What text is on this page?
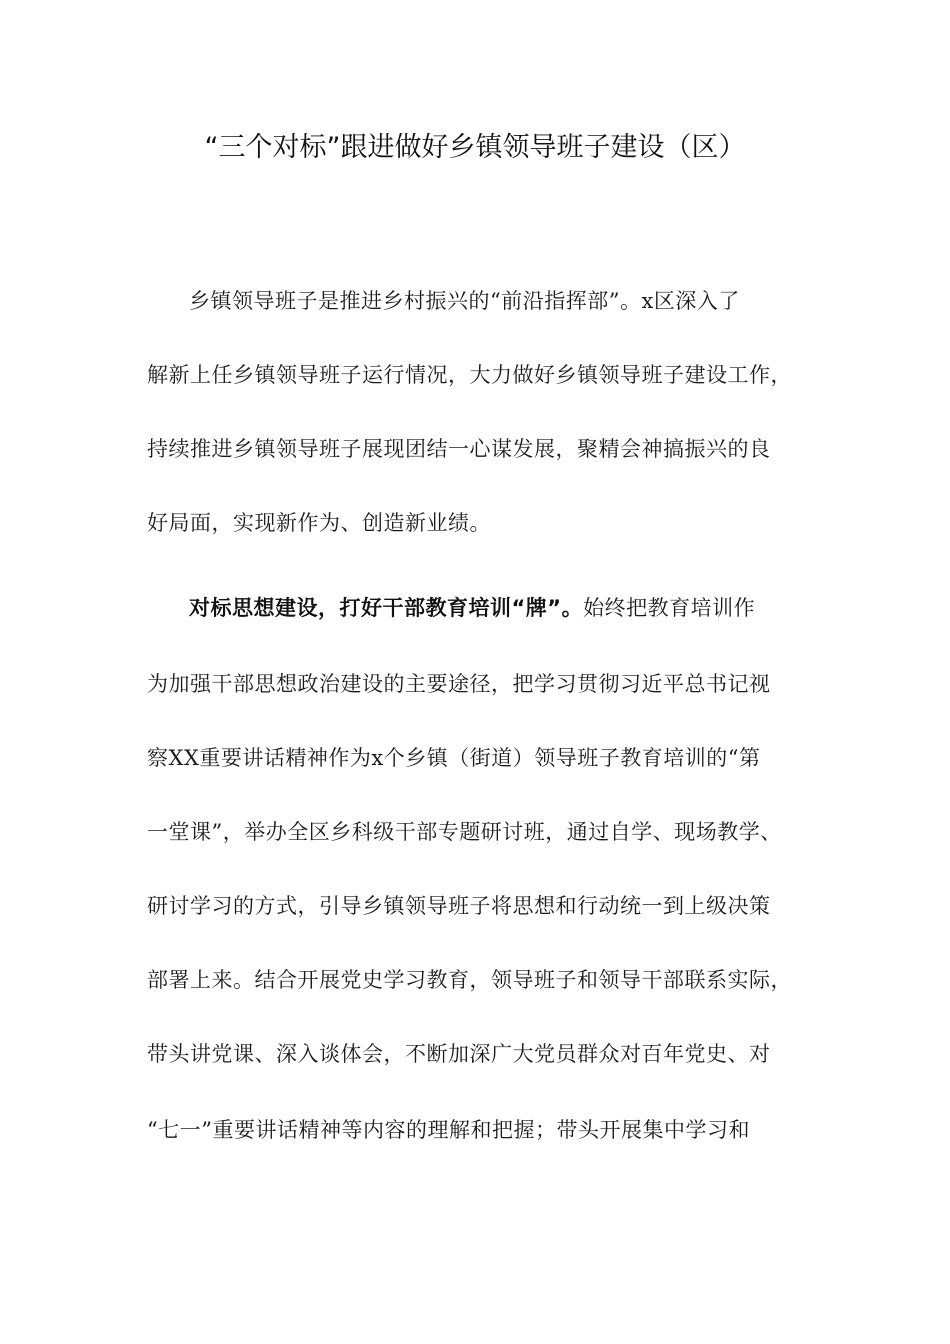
“三个对标”跟进做好乡镇领导班子建设（区）
乡镇领导班子是推进乡村振兴的“前沿指挥部”。x区深入了
解新上任乡镇领导班子运行情况，大力做好乡镇领导班子建设工作，
持续推进乡镇领导班子展现团结一心谋发展，聚精会神搞振兴的良
好局面，实现新作为、创造新业绩。
对标思想建设，打好干部教育培训“牌”。始终把教育培训作
为加强干部思想政治建设的主要途径，把学习贯彻习近平总书记视
察XX重要讲话精神作为x个乡镇（街道）领导班子教育培训的“第
一堂课”，举办全区乡科级干部专题研讨班，通过自学、现场教学、
研讨学习的方式，引导乡镇领导班子将思想和行动统一到上级决策
部署上来。结合开展党史学习教育，领导班子和领导干部联系实际，
带头讲党课、深入谈体会，不断加深广大党员群众对百年党史、对
“七一”重要讲话精神等内容的理解和把握；带头开展集中学习和
